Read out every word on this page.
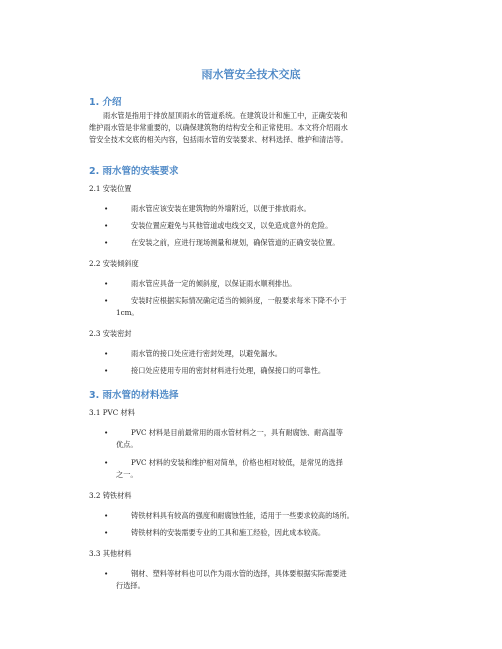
雨水管安全技术交底
1. 介绍
雨水管是指用于排放屋顶雨水的管道系统。在建筑设计和施工中，正确安装和
维护雨水管是非常重要的，以确保建筑物的结构安全和正常使用。本文将介绍雨水
管安全技术交底的相关内容，包括雨水管的安装要求、材料选择、维护和清洁等。
2. 雨水管的安装要求
2.1 安装位置
•	雨水管应该安装在建筑物的外墙附近，以便于排放雨水。
•	安装位置应避免与其他管道或电线交叉，以免造成意外的危险。
•	在安装之前，应进行现场测量和规划，确保管道的正确安装位置。
2.2 安装倾斜度
•	雨水管应具备一定的倾斜度，以保证雨水顺利排出。
•	安装时应根据实际情况确定适当的倾斜度，一般要求每米下降不小于
1cm。
2.3 安装密封
•	雨水管的接口处应进行密封处理，以避免漏水。
•	接口处应使用专用的密封材料进行处理，确保接口的可靠性。
3. 雨水管的材料选择
3.1 PVC 材料
•	PVC 材料是目前最常用的雨水管材料之一，具有耐腐蚀、耐高温等
优点。
•	PVC 材料的安装和维护相对简单，价格也相对较低，是常见的选择
之一。
3.2 铸铁材料
•	铸铁材料具有较高的强度和耐腐蚀性能，适用于一些要求较高的场所。
•	铸铁材料的安装需要专业的工具和施工经验，因此成本较高。
3.3 其他材料
•	钢材、塑料等材料也可以作为雨水管的选择，具体要根据实际需要进
行选择。
